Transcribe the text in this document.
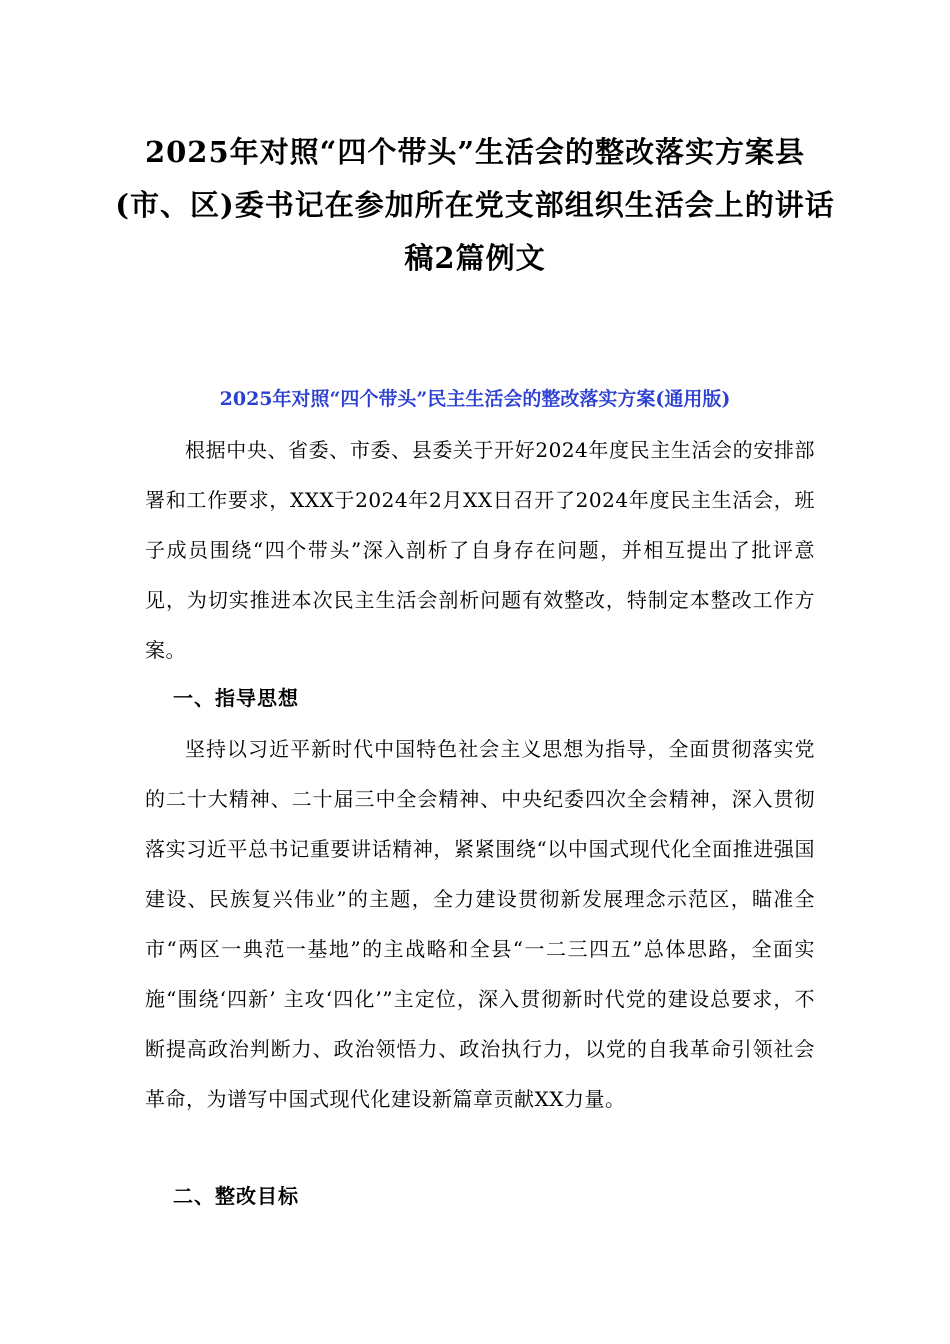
2025年对照“四个带头”生活会的整改落实方案县(市、区)委书记在参加所在党支部组织生活会上的讲话稿2篇例文
2025年对照“四个带头”民主生活会的整改落实方案(通用版)

根据中央、省委、市委、县委关于开好2024年度民主生活会的安排部署和工作要求，XXX于2024年2月XX日召开了2024年度民主生活会，班子成员围绕“四个带头”深入剖析了自身存在问题，并相互提出了批评意见，为切实推进本次民主生活会剖析问题有效整改，特制定本整改工作方案。

一、指导思想

坚持以习近平新时代中国特色社会主义思想为指导，全面贯彻落实党的二十大精神、二十届三中全会精神、中央纪委四次全会精神，深入贯彻落实习近平总书记重要讲话精神，紧紧围绕“以中国式现代化全面推进强国建设、民族复兴伟业”的主题，全力建设贯彻新发展理念示范区，瞄准全市“两区一典范一基地”的主战略和全县“一二三四五”总体思路，全面实施“围绕‘四新’ 主攻‘四化’”主定位，深入贯彻新时代党的建设总要求，不断提高政治判断力、政治领悟力、政治执行力，以党的自我革命引领社会革命，为谱写中国式现代化建设新篇章贡献XX力量。

二、整改目标
